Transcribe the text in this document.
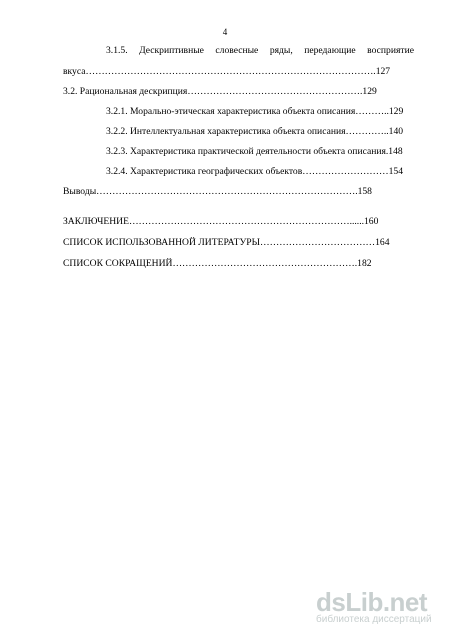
4
3.1.5. Дескриптивные словесные ряды, передающие восприятие
вкуса……………………………………………………………………………….127
3.2. Рациональная дескрипция……………………………………………….129
3.2.1. Морально-этическая характеристика объекта описания………..129
3.2.2. Интеллектуальная характеристика объекта описания…………..140
3.2.3. Характеристика практической деятельности объекта описания.148
3.2.4. Характеристика географических объектов………………………154
Выводы……………………………………………………………………….158
ЗАКЛЮЧЕНИЕ……………………………………………………………......160
СПИСОК ИСПОЛЬЗОВАННОЙ ЛИТЕРАТУРЫ………………………………164
СПИСОК СОКРАЩЕНИЙ………………………………………………….182
dsLib.net
библиотека диссертаций
